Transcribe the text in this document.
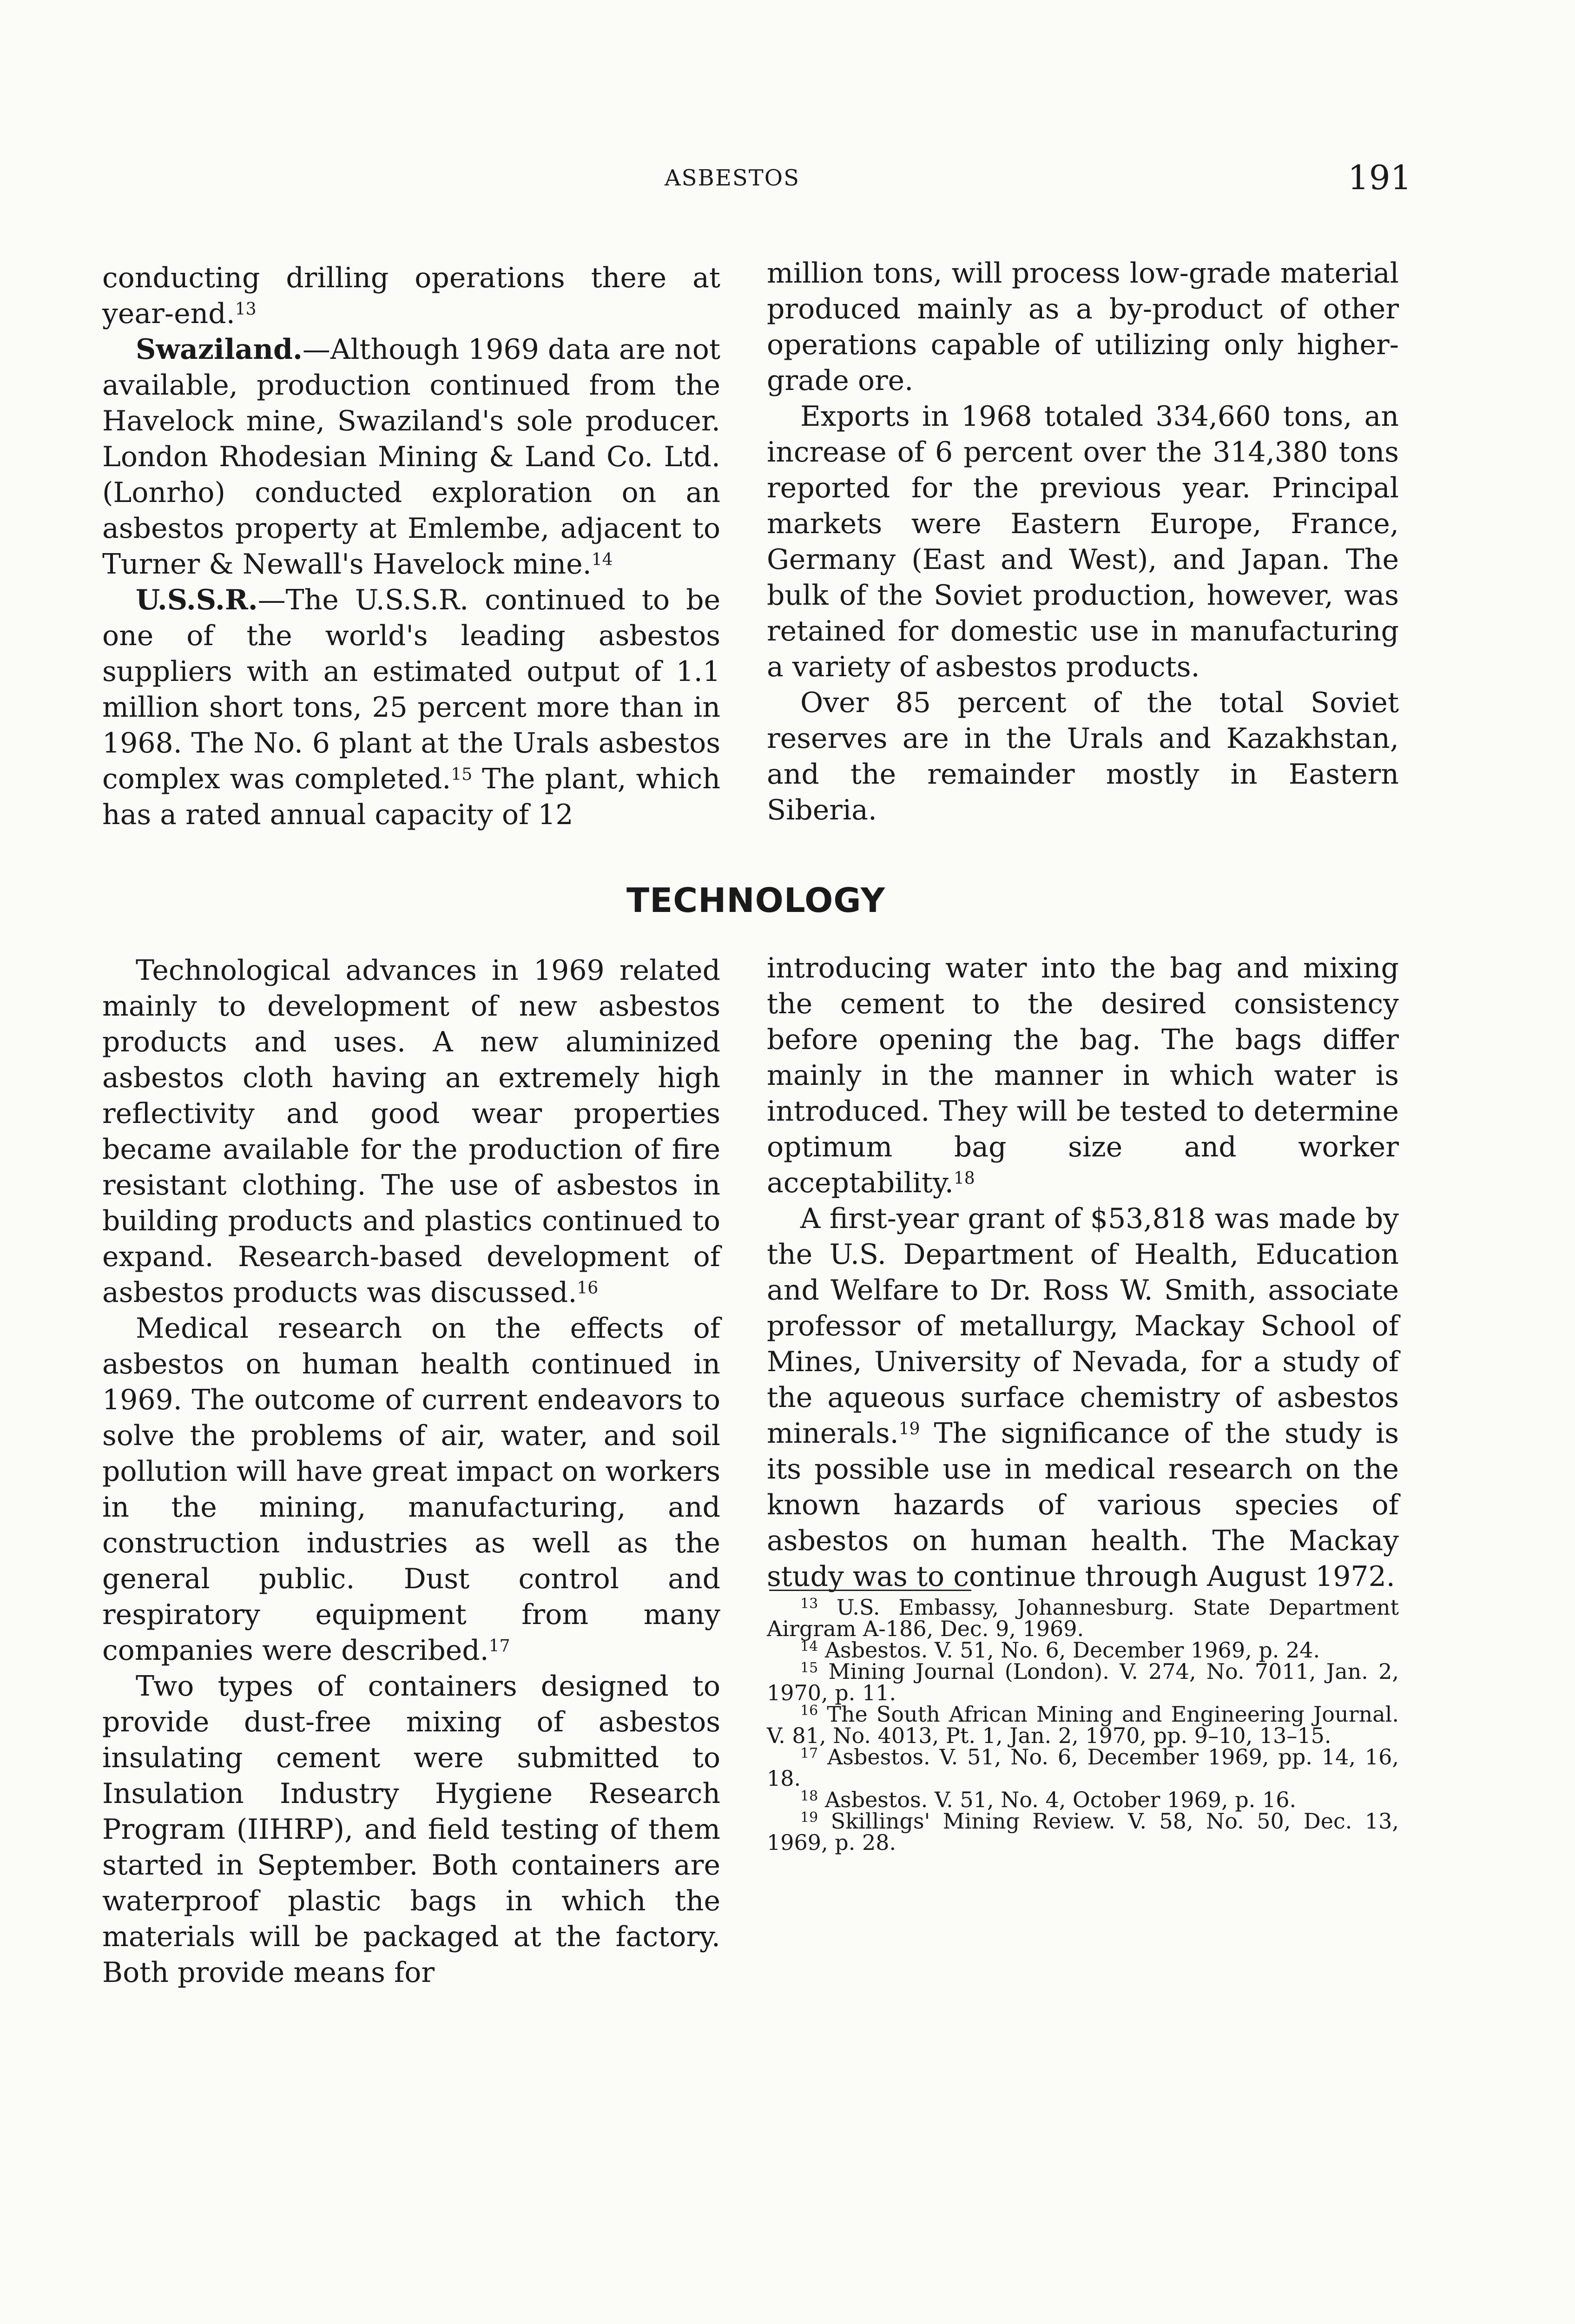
ASBESTOS	191

conducting drilling operations there at year-end.$^{13}$

Swaziland.—Although 1969 data are not available, production continued from the Havelock mine, Swaziland's sole producer. London Rhodesian Mining & Land Co. Ltd. (Lonrho) conducted exploration on an asbestos property at Emlembe, adjacent to Turner & Newall's Havelock mine.$^{14}$

U.S.S.R.—The U.S.S.R. continued to be one of the world's leading asbestos suppliers with an estimated output of 1.1 million short tons, 25 percent more than in 1968. The No. 6 plant at the Urals asbestos complex was completed.$^{15}$ The plant, which has a rated annual capacity of 12

million tons, will process low-grade material produced mainly as a by-product of other operations capable of utilizing only higher-grade ore.

Exports in 1968 totaled 334,660 tons, an increase of 6 percent over the 314,380 tons reported for the previous year. Principal markets were Eastern Europe, France, Germany (East and West), and Japan. The bulk of the Soviet production, however, was retained for domestic use in manufacturing a variety of asbestos products.

Over 85 percent of the total Soviet reserves are in the Urals and Kazakhstan, and the remainder mostly in Eastern Siberia.

TECHNOLOGY

Technological advances in 1969 related mainly to development of new asbestos products and uses. A new aluminized asbestos cloth having an extremely high reflectivity and good wear properties became available for the production of fire resistant clothing. The use of asbestos in building products and plastics continued to expand. Research-based development of asbestos products was discussed.$^{16}$

Medical research on the effects of asbestos on human health continued in 1969. The outcome of current endeavors to solve the problems of air, water, and soil pollution will have great impact on workers in the mining, manufacturing, and construction industries as well as the general public. Dust control and respiratory equipment from many companies were described.$^{17}$

Two types of containers designed to provide dust-free mixing of asbestos insulating cement were submitted to Insulation Industry Hygiene Research Program (IIHRP), and field testing of them started in September. Both containers are waterproof plastic bags in which the materials will be packaged at the factory. Both provide means for

introducing water into the bag and mixing the cement to the desired consistency before opening the bag. The bags differ mainly in the manner in which water is introduced. They will be tested to determine optimum bag size and worker acceptability.$^{18}$

A first-year grant of $53,818 was made by the U.S. Department of Health, Education and Welfare to Dr. Ross W. Smith, associate professor of metallurgy, Mackay School of Mines, University of Nevada, for a study of the aqueous surface chemistry of asbestos minerals.$^{19}$ The significance of the study is its possible use in medical research on the known hazards of various species of asbestos on human health. The Mackay study was to continue through August 1972.

$^{13}$ U.S. Embassy, Johannesburg. State Department Airgram A-186, Dec. 9, 1969.

$^{14}$ Asbestos. V. 51, No. 6, December 1969, p. 24.

$^{15}$ Mining Journal (London). V. 274, No. 7011, Jan. 2, 1970, p. 11.

$^{16}$ The South African Mining and Engineering Journal. V. 81, No. 4013, Pt. 1, Jan. 2, 1970, pp. 9–10, 13–15.

$^{17}$ Asbestos. V. 51, No. 6, December 1969, pp. 14, 16, 18.

$^{18}$ Asbestos. V. 51, No. 4, October 1969, p. 16.

$^{19}$ Skillings' Mining Review. V. 58, No. 50, Dec. 13, 1969, p. 28.
